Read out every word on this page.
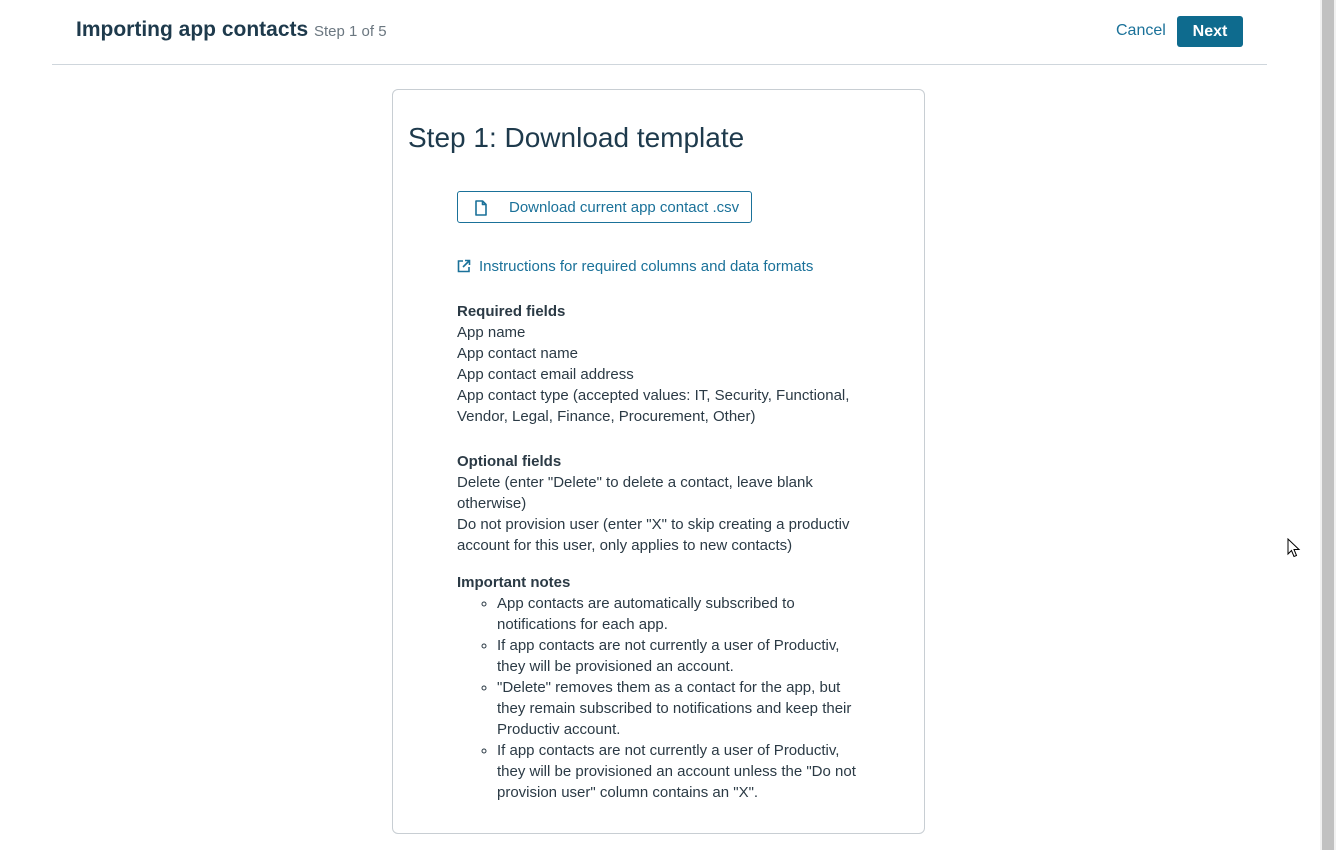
Importing app contacts Step 1 of 5	Cancel	Next
Step 1: Download template
Download current app contact .csv
Instructions for required columns and data formats
Required fields
App name
App contact name
App contact email address
App contact type (accepted values: IT, Security, Functional, Vendor, Legal, Finance, Procurement, Other)
Optional fields
Delete (enter "Delete" to delete a contact, leave blank otherwise)
Do not provision user (enter "X" to skip creating a productiv account for this user, only applies to new contacts)
Important notes
◦ App contacts are automatically subscribed to notifications for each app.
◦ If app contacts are not currently a user of Productiv, they will be provisioned an account.
◦ "Delete" removes them as a contact for the app, but they remain subscribed to notifications and keep their Productiv account.
◦ If app contacts are not currently a user of Productiv, they will be provisioned an account unless the "Do not provision user" column contains an "X".
